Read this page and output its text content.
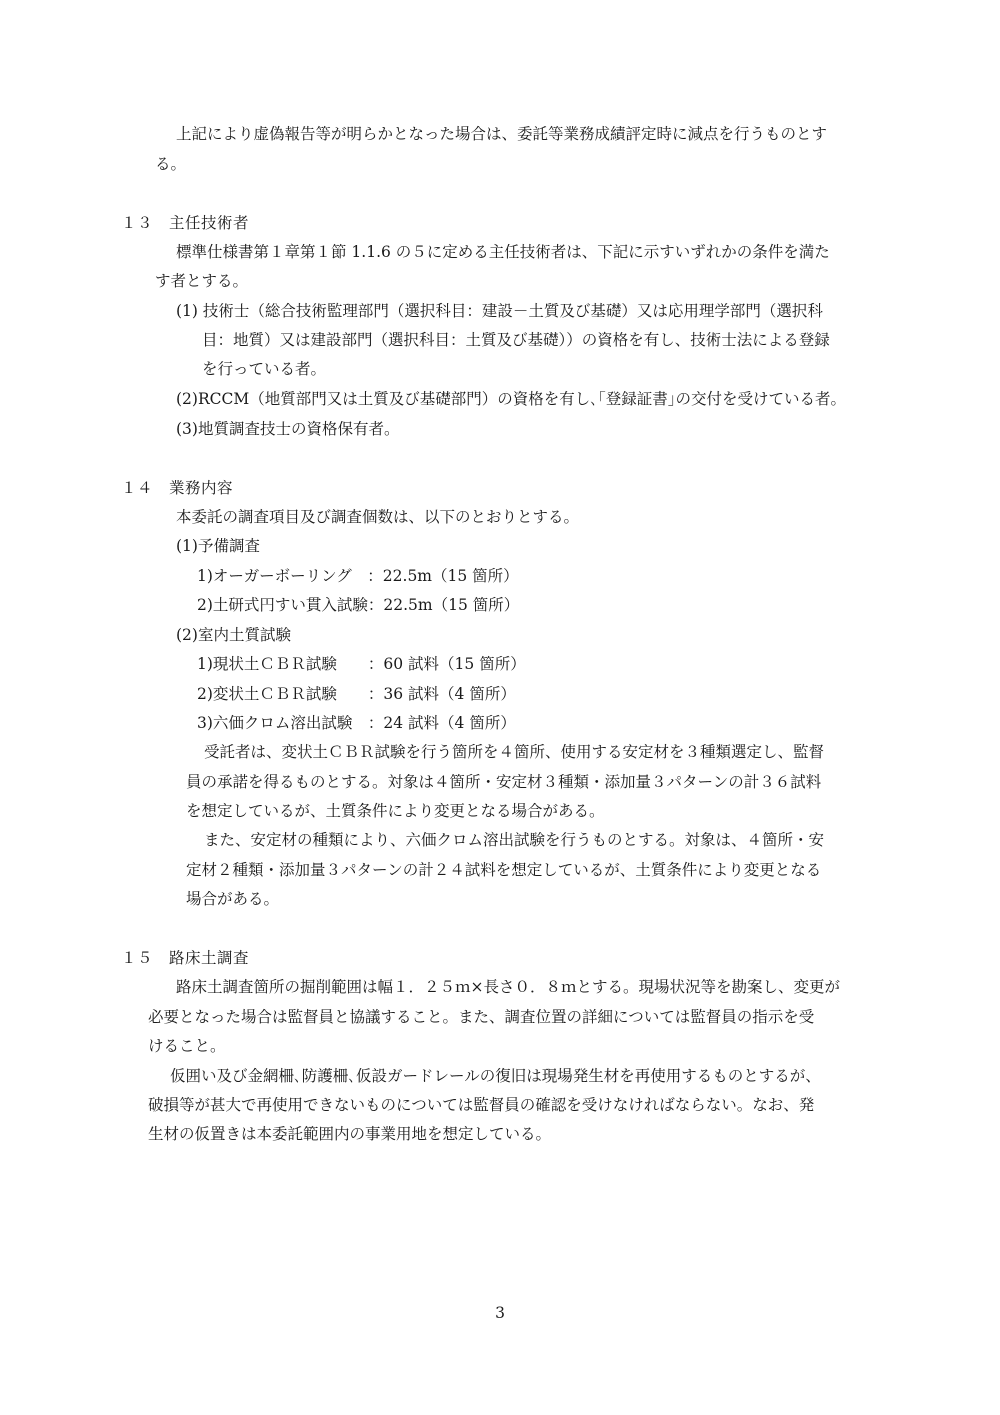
上記により虚偽報告等が明らかとなった場合は、委託等業務成績評定時に減点を行うものとす
る。
１３　主任技術者
標準仕様書第１章第１節 1.1.6 の５に定める主任技術者は、下記に示すいずれかの条件を満た
す者とする。
(1) 技術士（総合技術監理部門（選択科目：建設－土質及び基礎）又は応用理学部門（選択科
目：地質）又は建設部門（選択科目：土質及び基礎））の資格を有し、技術士法による登録
を行っている者。
(2)RCCM（地質部門又は土質及び基礎部門）の資格を有し､｢登録証書｣の交付を受けている者。
(3)地質調査技士の資格保有者。
１４　業務内容
本委託の調査項目及び調査個数は、以下のとおりとする。
(1)予備調査
1)オーガーボーリング　：22.5m（15 箇所）
2)土研式円すい貫入試験：22.5m（15 箇所）
(2)室内土質試験
1)現状土ＣＢＲ試験　　：60 試料（15 箇所）
2)変状土ＣＢＲ試験　　：36 試料（4 箇所）
3)六価クロム溶出試験　：24 試料（4 箇所）
受託者は、変状土ＣＢＲ試験を行う箇所を４箇所、使用する安定材を３種類選定し、監督
員の承諾を得るものとする。対象は４箇所・安定材３種類・添加量３パターンの計３６試料
を想定しているが、土質条件により変更となる場合がある。
また、安定材の種類により、六価クロム溶出試験を行うものとする。対象は、４箇所・安
定材２種類・添加量３パターンの計２４試料を想定しているが、土質条件により変更となる
場合がある。
１５　路床土調査
路床土調査箇所の掘削範囲は幅１．２５ｍ×長さ０．８ｍとする。現場状況等を勘案し、変更が
必要となった場合は監督員と協議すること。また、調査位置の詳細については監督員の指示を受
けること。
仮囲い及び金網柵､防護柵､仮設ガードレールの復旧は現場発生材を再使用するものとするが、
破損等が甚大で再使用できないものについては監督員の確認を受けなければならない。なお、発
生材の仮置きは本委託範囲内の事業用地を想定している。
3
